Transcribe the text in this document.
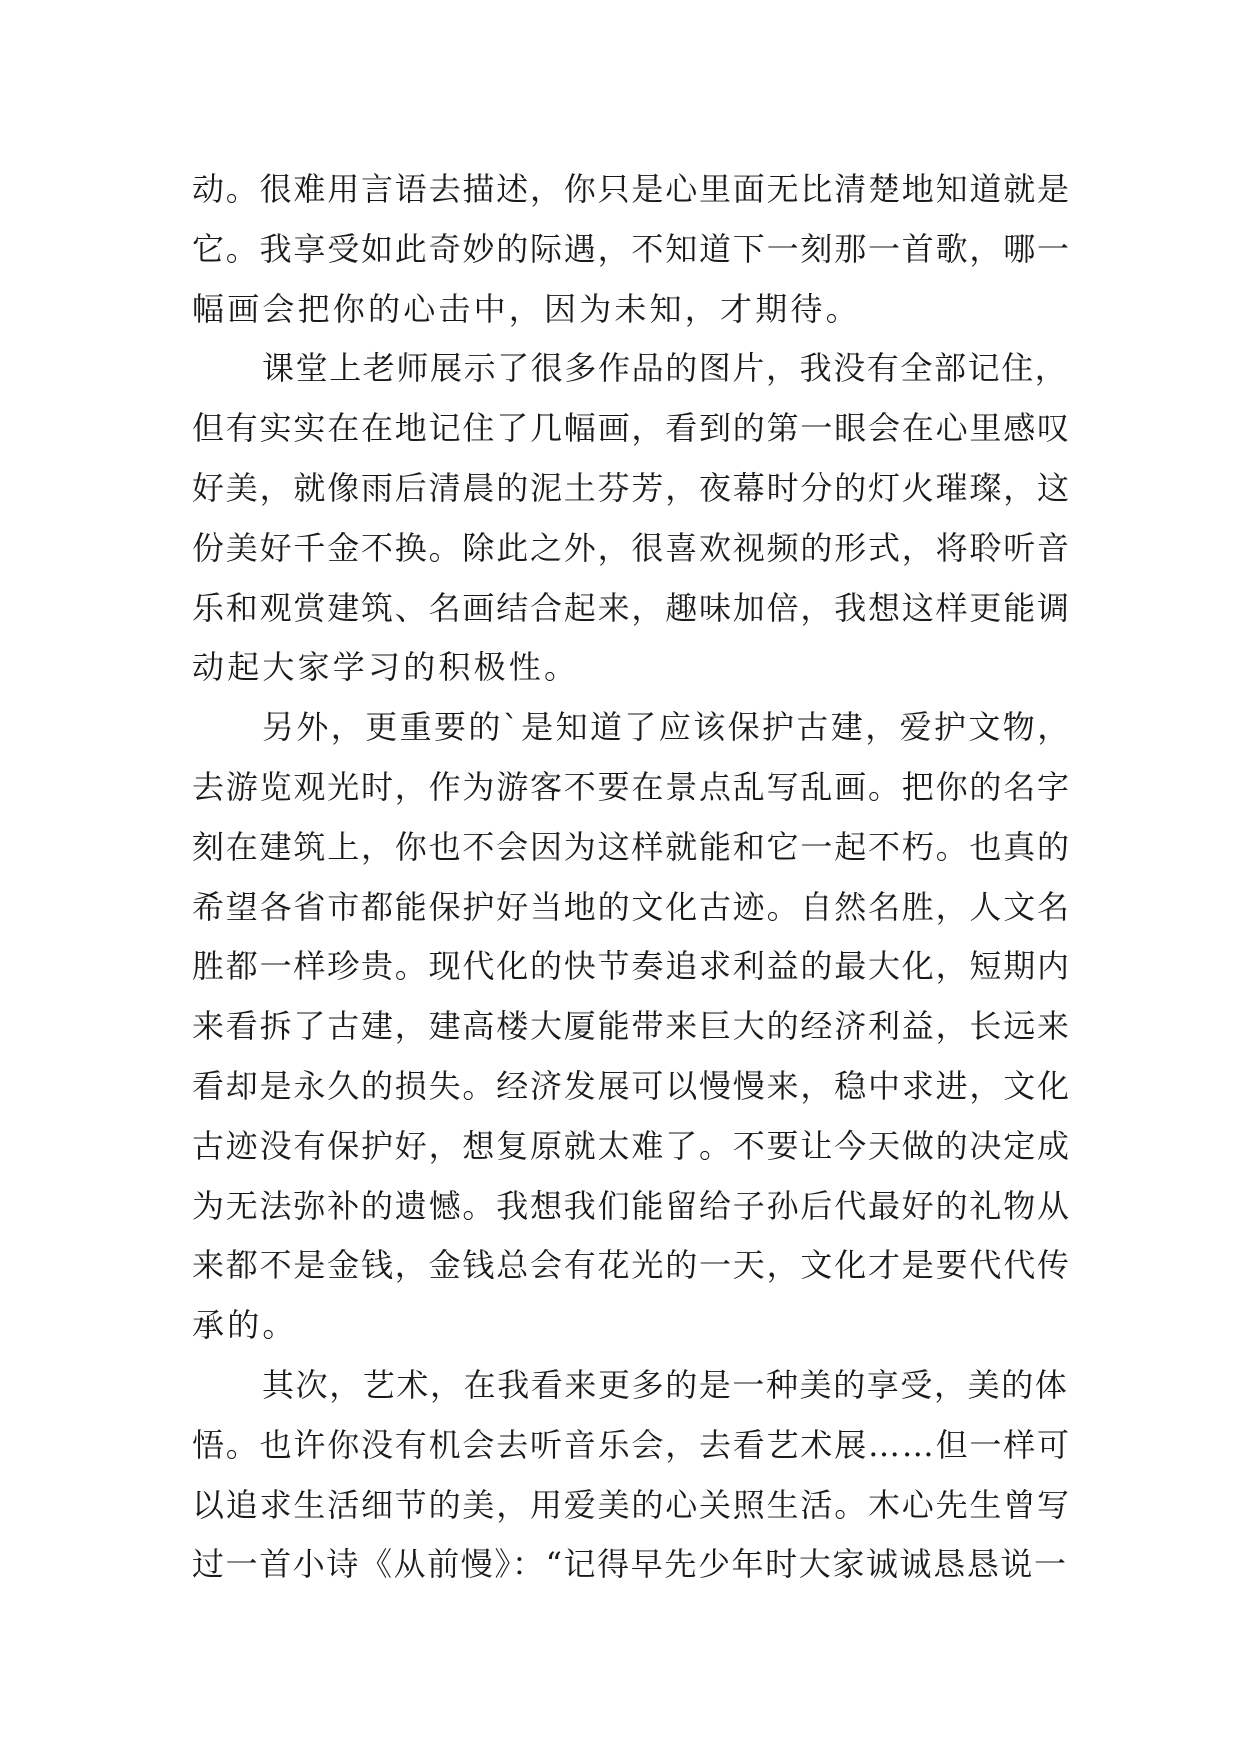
动。很难用言语去描述，你只是心里面无比清楚地知道就是
它。我享受如此奇妙的际遇，不知道下一刻那一首歌，哪一
幅画会把你的心击中，因为未知，才期待。
课堂上老师展示了很多作品的图片，我没有全部记住，
但有实实在在地记住了几幅画，看到的第一眼会在心里感叹
好美，就像雨后清晨的泥土芬芳，夜幕时分的灯火璀璨，这
份美好千金不换。除此之外，很喜欢视频的形式，将聆听音
乐和观赏建筑、名画结合起来，趣味加倍，我想这样更能调
动起大家学习的积极性。
另外，更重要的`是知道了应该保护古建，爱护文物，
去游览观光时，作为游客不要在景点乱写乱画。把你的名字
刻在建筑上，你也不会因为这样就能和它一起不朽。也真的
希望各省市都能保护好当地的文化古迹。自然名胜，人文名
胜都一样珍贵。现代化的快节奏追求利益的最大化，短期内
来看拆了古建，建高楼大厦能带来巨大的经济利益，长远来
看却是永久的损失。经济发展可以慢慢来，稳中求进，文化
古迹没有保护好，想复原就太难了。不要让今天做的决定成
为无法弥补的遗憾。我想我们能留给子孙后代最好的礼物从
来都不是金钱，金钱总会有花光的一天，文化才是要代代传
承的。
其次，艺术，在我看来更多的是一种美的享受，美的体
悟。也许你没有机会去听音乐会，去看艺术展……但一样可
以追求生活细节的美，用爱美的心关照生活。木心先生曾写
过一首小诗《从前慢》：“记得早先少年时大家诚诚恳恳说一
